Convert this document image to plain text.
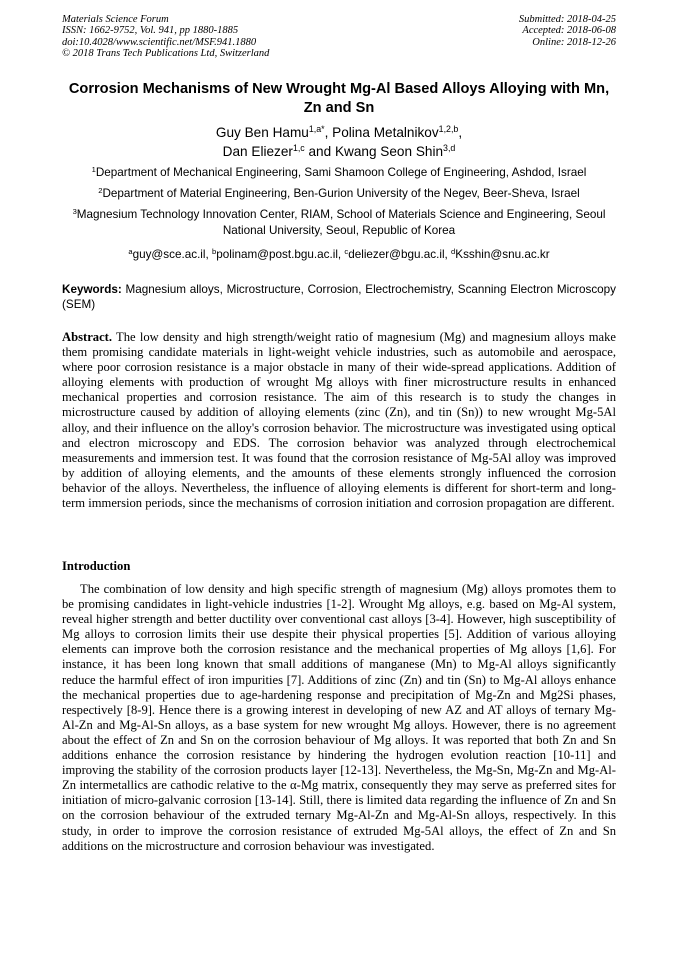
Materials Science Forum
ISSN: 1662-9752, Vol. 941, pp 1880-1885
doi:10.4028/www.scientific.net/MSF.941.1880
© 2018 Trans Tech Publications Ltd, Switzerland
Submitted: 2018-04-25
Accepted: 2018-06-08
Online: 2018-12-26
Corrosion Mechanisms of New Wrought Mg-Al Based Alloys Alloying with Mn, Zn and Sn
Guy Ben Hamu$^{1,a*}$, Polina Metalnikov$^{1,2,b}$,
Dan Eliezer$^{1,c}$ and Kwang Seon Shin$^{3,d}$

$^1$Department of Mechanical Engineering, Sami Shamoon College of Engineering, Ashdod, Israel

$^2$Department of Material Engineering, Ben-Gurion University of the Negev, Beer-Sheva, Israel

$^3$Magnesium Technology Innovation Center, RIAM, School of Materials Science and Engineering, Seoul National University, Seoul, Republic of Korea

$^a$guy@sce.ac.il, $^b$polinam@post.bgu.ac.il, $^c$deliezer@bgu.ac.il, $^d$Ksshin@snu.ac.kr

Keywords: Magnesium alloys, Microstructure, Corrosion, Electrochemistry, Scanning Electron Microscopy (SEM)
Abstract. The low density and high strength/weight ratio of magnesium (Mg) and magnesium alloys make them promising candidate materials in light-weight vehicle industries, such as automobile and aerospace, where poor corrosion resistance is a major obstacle in many of their wide-spread applications. Addition of alloying elements with production of wrought Mg alloys with finer microstructure results in enhanced mechanical properties and corrosion resistance. The aim of this research is to study the changes in microstructure caused by addition of alloying elements (zinc (Zn), and tin (Sn)) to new wrought Mg-5Al alloy, and their influence on the alloy's corrosion behavior. The microstructure was investigated using optical and electron microscopy and EDS. The corrosion behavior was analyzed through electrochemical measurements and immersion test. It was found that the corrosion resistance of Mg-5Al alloy was improved by addition of alloying elements, and the amounts of these elements strongly influenced the corrosion behavior of the alloys. Nevertheless, the influence of alloying elements is different for short-term and long-term immersion periods, since the mechanisms of corrosion initiation and corrosion propagation are different.
Introduction
The combination of low density and high specific strength of magnesium (Mg) alloys promotes them to be promising candidates in light-vehicle industries [1-2]. Wrought Mg alloys, e.g. based on Mg-Al system, reveal higher strength and better ductility over conventional cast alloys [3-4]. However, high susceptibility of Mg alloys to corrosion limits their use despite their physical properties [5]. Addition of various alloying elements can improve both the corrosion resistance and the mechanical properties of Mg alloys [1,6]. For instance, it has been long known that small additions of manganese (Mn) to Mg-Al alloys significantly reduce the harmful effect of iron impurities [7]. Additions of zinc (Zn) and tin (Sn) to Mg-Al alloys enhance the mechanical properties due to age-hardening response and precipitation of Mg-Zn and Mg2Si phases, respectively [8-9]. Hence there is a growing interest in developing of new AZ and AT alloys of ternary Mg-Al-Zn and Mg-Al-Sn alloys, as a base system for new wrought Mg alloys. However, there is no agreement about the effect of Zn and Sn on the corrosion behaviour of Mg alloys. It was reported that both Zn and Sn additions enhance the corrosion resistance by hindering the hydrogen evolution reaction [10-11] and improving the stability of the corrosion products layer [12-13]. Nevertheless, the Mg-Sn, Mg-Zn and Mg-Al-Zn intermetallics are cathodic relative to the α-Mg matrix, consequently they may serve as preferred sites for initiation of micro-galvanic corrosion [13-14]. Still, there is limited data regarding the influence of Zn and Sn on the corrosion behaviour of the extruded ternary Mg-Al-Zn and Mg-Al-Sn alloys, respectively. In this study, in order to improve the corrosion resistance of extruded Mg-5Al alloys, the effect of Zn and Sn additions on the microstructure and corrosion behaviour was investigated.
